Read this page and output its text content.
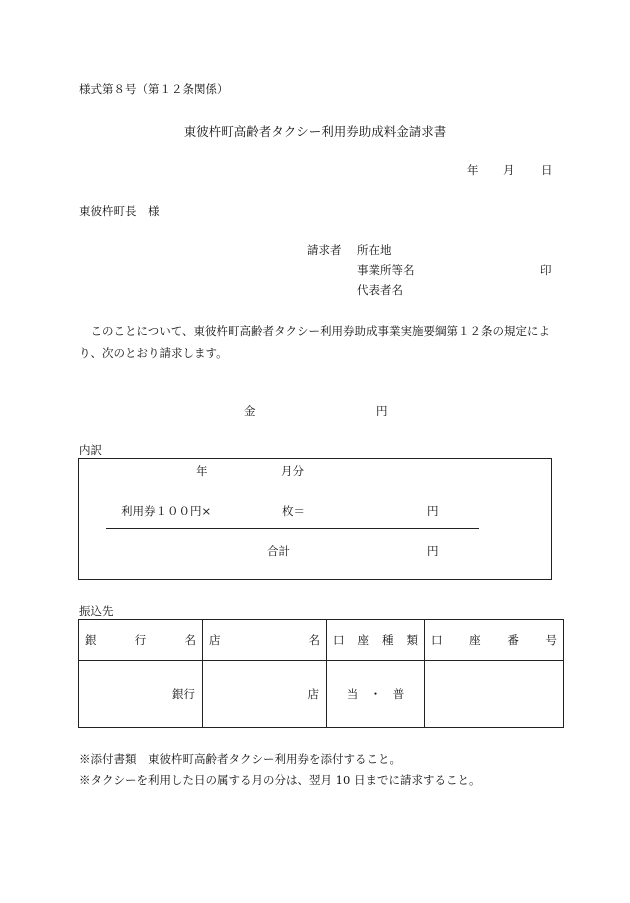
様式第８号（第１２条関係）
東彼杵町高齢者タクシー利用券助成料金請求書
年 月 日
東彼杵町長　様
請求者 所在地
事業所等名	印
代表者名
このことについて、東彼杵町高齢者タクシー利用券助成事業実施要綱第１２条の規定により、次のとおり請求します。
金	円
内訳
年	月分
利用券１００円×	枚＝	円
合計	円
振込先
銀 行 名	店 名	口 座 種 類	口 座 番 号

銀行	店	当　・　普	
※添付書類　東彼杵町高齢者タクシー利用券を添付すること。
※タクシーを利用した日の属する月の分は、翌月 10 日までに請求すること。
